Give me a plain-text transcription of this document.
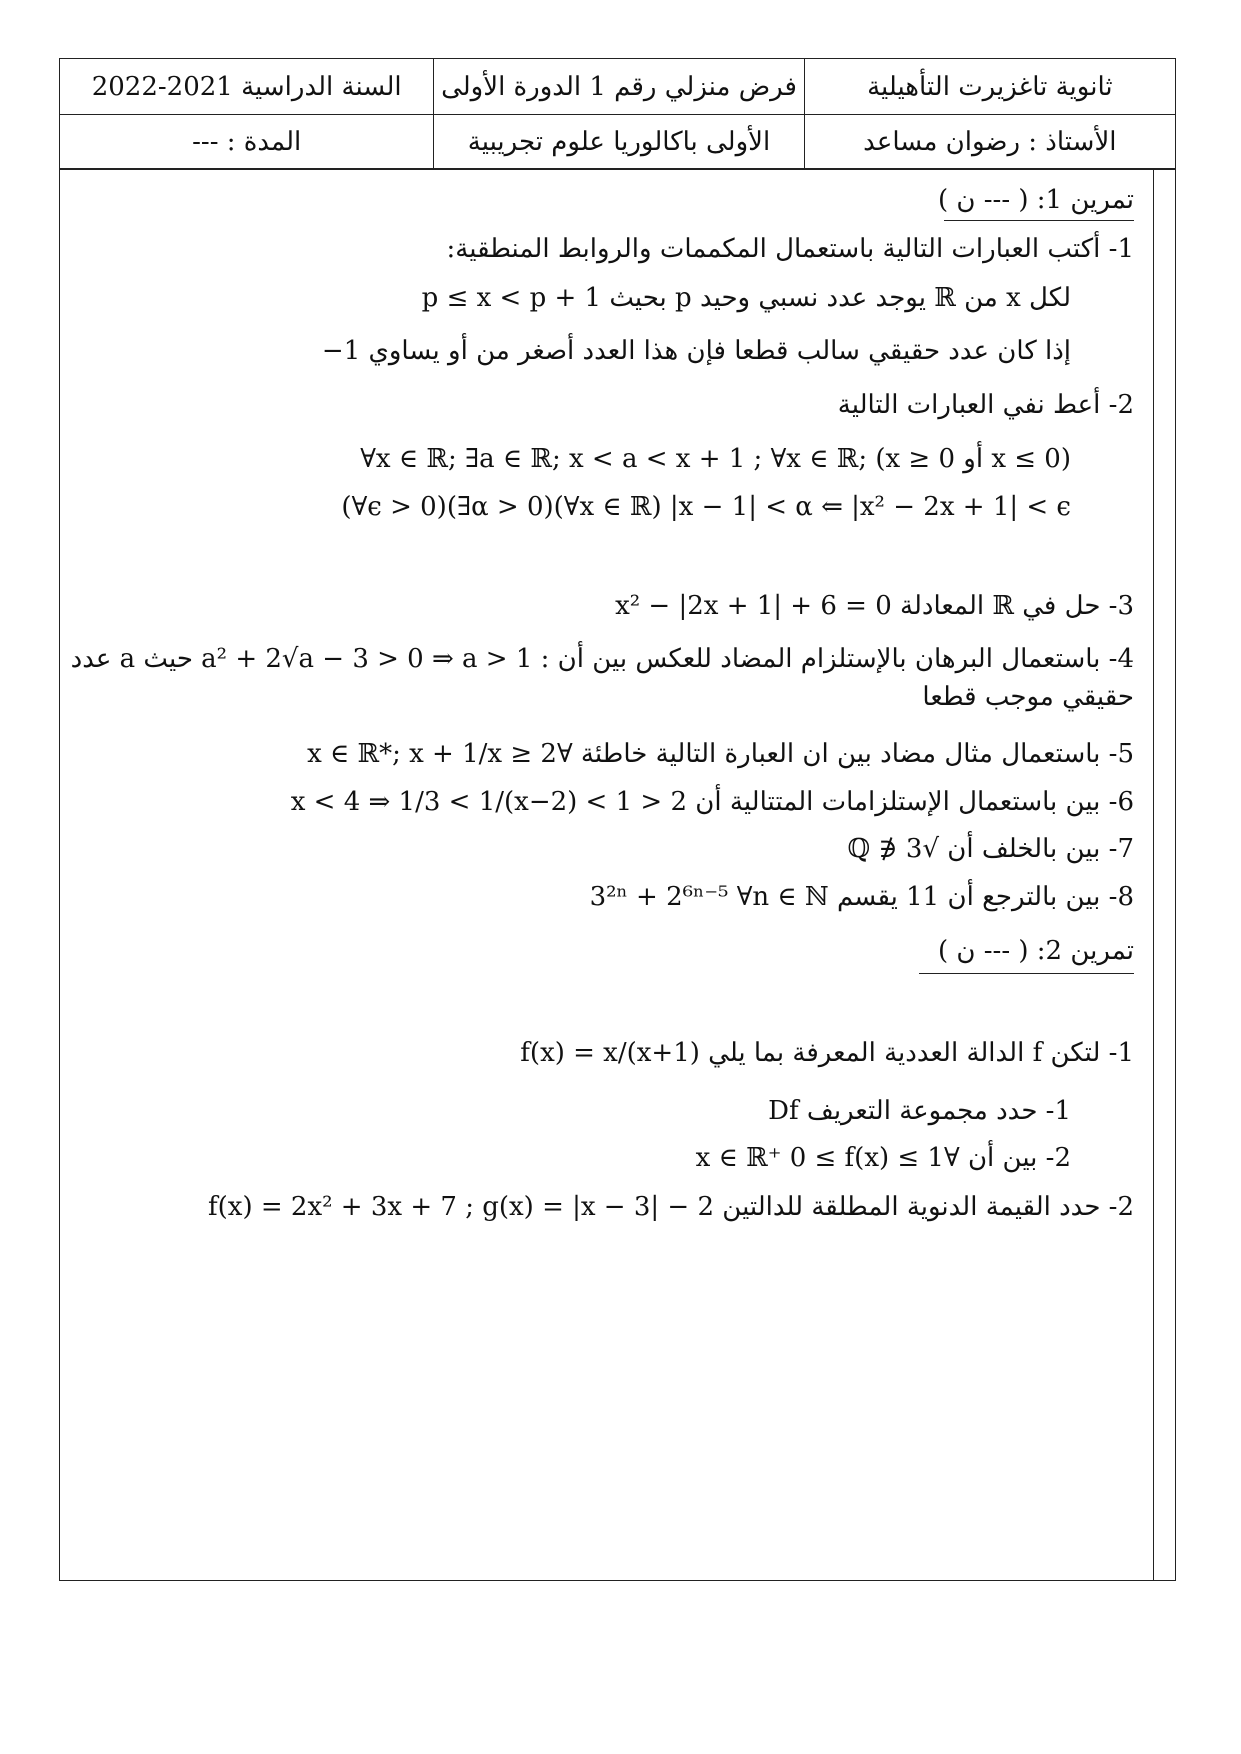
ثانوية تاغزيرت التأهيلية
فرض منزلي رقم 1 الدورة الأولى
السنة الدراسية 2021-2022
الأستاذ : رضوان مساعد
الأولى باكالوريا علوم تجريبية
المدة : ---
تمرين 1: ( --- ن )
1- أكتب العبارات التالية باستعمال المكممات والروابط المنطقية:
لكل x من ℝ يوجد عدد نسبي وحيد p بحيث p ≤ x < p + 1
إذا كان عدد حقيقي سالب قطعا فإن هذا العدد أصغر من أو يساوي 1−
2- أعط نفي العبارات التالية
∀x ∈ ℝ; ∃a ∈ ℝ; x < a < x + 1 ; ∀x ∈ ℝ; (x ≥ 0 أو x ≤ 0)
(∀ϵ > 0)(∃α > 0)(∀x ∈ ℝ) |x − 1| < α ⇐ |x² − 2x + 1| < ϵ
3- حل في ℝ المعادلة x² − |2x + 1| + 6 = 0
4- باستعمال البرهان بالإستلزام المضاد للعكس بين أن : a² + 2√a − 3 > 0 ⇒ a > 1 حيث a عدد
حقيقي موجب قطعا
5- باستعمال مثال مضاد بين ان العبارة التالية خاطئة ∀x ∈ ℝ*; x + 1/x ≥ 2
6- بين باستعمال الإستلزامات المتتالية أن 2 < x < 4 ⇒ 1/3 < 1/(x−2) < 1
7- بين بالخلف أن √3 ∉ ℚ
8- بين بالترجع أن 11 يقسم 3²ⁿ + 2⁶ⁿ⁻⁵ ∀n ∈ ℕ
تمرين 2: ( --- ن )
1- لتكن f الدالة العددية المعرفة بما يلي f(x) = x/(x+1)
1- حدد مجموعة التعريف Df
2- بين أن ∀x ∈ ℝ⁺ 0 ≤ f(x) ≤ 1
2- حدد القيمة الدنوية المطلقة للدالتين f(x) = 2x² + 3x + 7 ; g(x) = |x − 3| − 2
